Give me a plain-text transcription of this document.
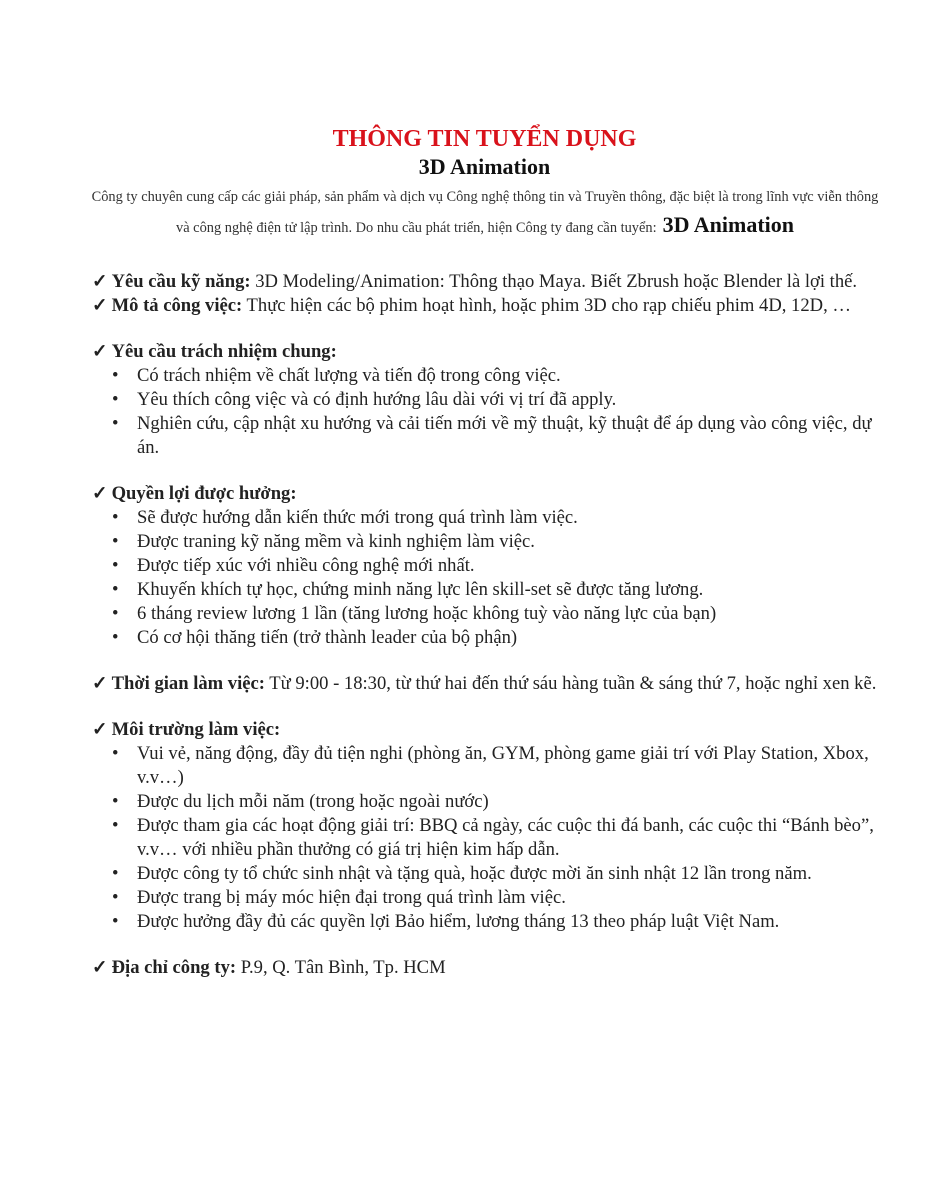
THÔNG TIN TUYỂN DỤNG
3D Animation
Công ty chuyên cung cấp các giải pháp, sản phẩm và dịch vụ Công nghệ thông tin và Truyền thông, đặc biệt là trong lĩnh vực viễn thông và công nghệ điện tử lập trình. Do nhu cầu phát triển, hiện Công ty đang cần tuyển: 3D Animation

✓ Yêu cầu kỹ năng: 3D Modeling/Animation: Thông thạo Maya. Biết Zbrush hoặc Blender là lợi thế.

✓ Mô tả công việc: Thực hiện các bộ phim hoạt hình, hoặc phim 3D cho rạp chiếu phim 4D, 12D, …

✓ Yêu cầu trách nhiệm chung:

• Có trách nhiệm về chất lượng và tiến độ trong công việc.
• Yêu thích công việc và có định hướng lâu dài với vị trí đã apply.
• Nghiên cứu, cập nhật xu hướng và cải tiến mới về mỹ thuật, kỹ thuật để áp dụng vào công việc, dự án.

✓ Quyền lợi được hưởng:

• Sẽ được hướng dẫn kiến thức mới trong quá trình làm việc.
• Được traning kỹ năng mềm và kinh nghiệm làm việc.
• Được tiếp xúc với nhiều công nghệ mới nhất.
• Khuyến khích tự học, chứng minh năng lực lên skill-set sẽ được tăng lương.
• 6 tháng review lương 1 lần (tăng lương hoặc không tuỳ vào năng lực của bạn)
• Có cơ hội thăng tiến (trở thành leader của bộ phận)

✓ Thời gian làm việc: Từ 9:00 - 18:30, từ thứ hai đến thứ sáu hàng tuần & sáng thứ 7, hoặc nghỉ xen kẽ.

✓ Môi trường làm việc:

• Vui vẻ, năng động, đầy đủ tiện nghi (phòng ăn, GYM, phòng game giải trí với Play Station, Xbox, v.v…)
• Được du lịch mỗi năm (trong hoặc ngoài nước)
• Được tham gia các hoạt động giải trí: BBQ cả ngày, các cuộc thi đá banh, các cuộc thi “Bánh bèo”, v.v… với nhiều phần thưởng có giá trị hiện kim hấp dẫn.
• Được công ty tổ chức sinh nhật và tặng quà, hoặc được mời ăn sinh nhật 12 lần trong năm.
• Được trang bị máy móc hiện đại trong quá trình làm việc.
• Được hưởng đầy đủ các quyền lợi Bảo hiểm, lương tháng 13 theo pháp luật Việt Nam.

✓ Địa chỉ công ty: P.9, Q. Tân Bình, Tp. HCM
